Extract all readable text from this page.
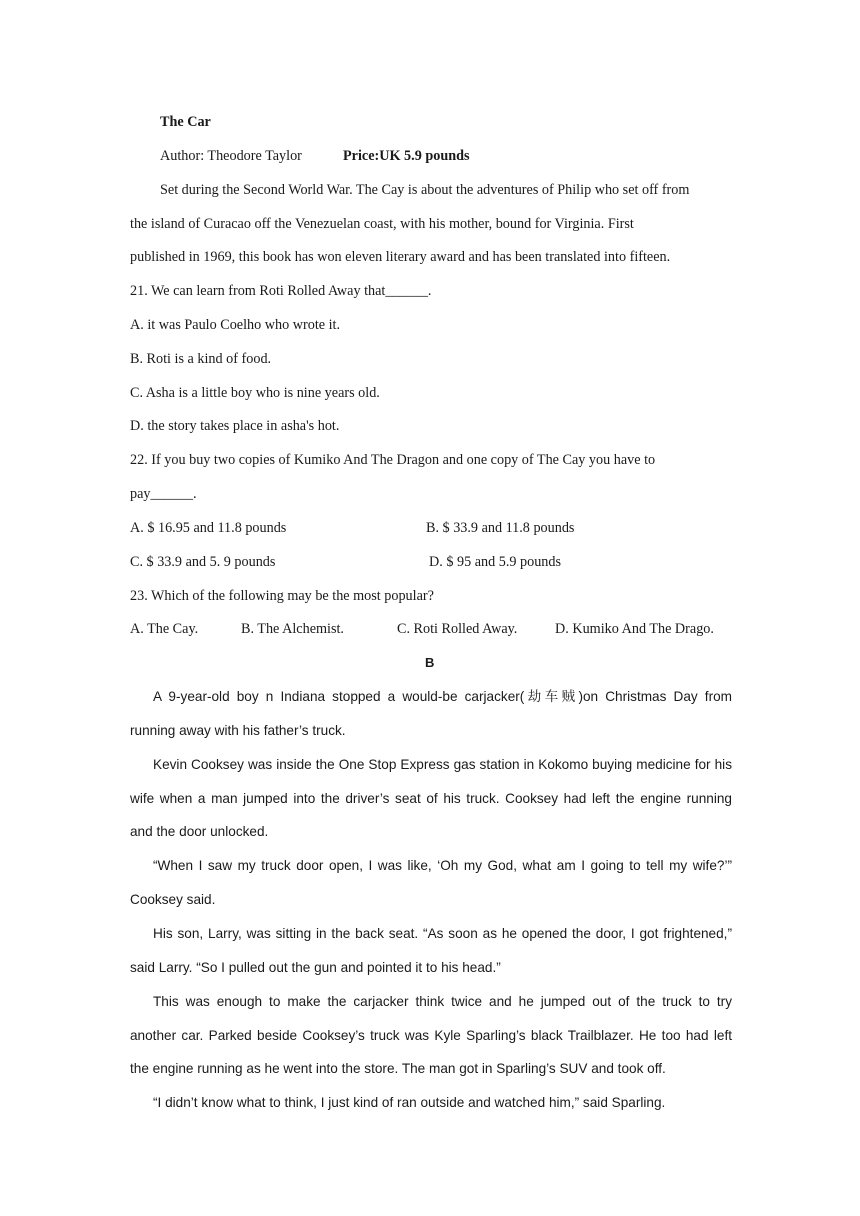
The Car
Author: Theodore Taylor	Price:UK 5.9 pounds
Set during the Second World War. The Cay is about the adventures of Philip who set off from
the island of Curacao off the Venezuelan coast, with his mother, bound for Virginia. First
published in 1969, this book has won eleven literary award and has been translated into fifteen.
21. We can learn from Roti Rolled Away that______.
A. it was Paulo Coelho who wrote it.
B. Roti is a kind of food.
C. Asha is a little boy who is nine years old.
D. the story takes place in asha's hot.
22. If you buy two copies of Kumiko And The Dragon and one copy of The Cay you have to
pay______.
A. $ 16.95 and 11.8 pounds	B. $ 33.9 and 11.8 pounds
C. $ 33.9 and 5. 9 pounds	D. $ 95 and 5.9 pounds
23. Which of the following may be the most popular?
A. The Cay.	B. The Alchemist.	C. Roti Rolled Away.	D. Kumiko And The Drago.
B
A 9-year-old boy n Indiana stopped a would-be carjacker(劫车贼)on Christmas Day from
running away with his father’s truck.
Kevin Cooksey was inside the One Stop Express gas station in Kokomo buying medicine for his
wife when a man jumped into the driver’s seat of his truck. Cooksey had left the engine running
and the door unlocked.
“When I saw my truck door open, I was like, ‘Oh my God, what am I going to tell my wife?’”
Cooksey said.
His son, Larry, was sitting in the back seat. “As soon as he opened the door, I got frightened,”
said Larry. “So I pulled out the gun and pointed it to his head.”
This was enough to make the carjacker think twice and he jumped out of the truck to try
another car. Parked beside Cooksey’s truck was Kyle Sparling’s black Trailblazer. He too had left
the engine running as he went into the store. The man got in Sparling’s SUV and took off.
“I didn’t know what to think, I just kind of ran outside and watched him,” said Sparling.
